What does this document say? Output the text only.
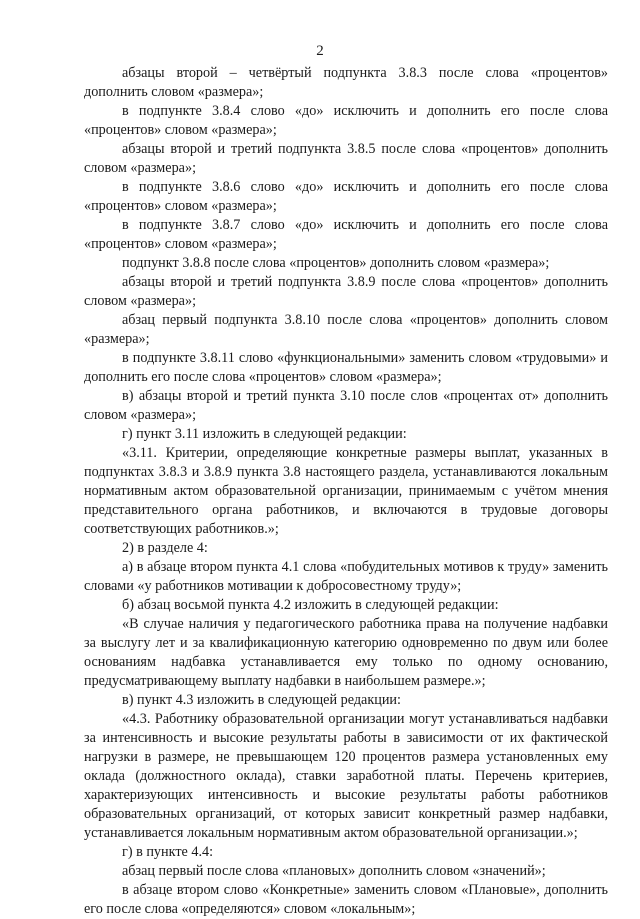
2

абзацы второй – четвёртый подпункта 3.8.3 после слова «процентов» дополнить словом «размера»;

в подпункте 3.8.4 слово «до» исключить и дополнить его после слова «процентов» словом «размера»;

абзацы второй и третий подпункта 3.8.5 после слова «процентов» дополнить словом «размера»;

в подпункте 3.8.6 слово «до» исключить и дополнить его после слова «процентов» словом «размера»;

в подпункте 3.8.7 слово «до» исключить и дополнить его после слова «процентов» словом «размера»;

подпункт 3.8.8 после слова «процентов» дополнить словом «размера»;

абзацы второй и третий подпункта 3.8.9 после слова «процентов» дополнить словом «размера»;

абзац первый подпункта 3.8.10 после слова «процентов» дополнить словом «размера»;

в подпункте 3.8.11 слово «функциональными» заменить словом «трудовыми» и дополнить его после слова «процентов» словом «размера»;

в) абзацы второй и третий пункта 3.10 после слов «процентах от» дополнить словом «размера»;

г) пункт 3.11 изложить в следующей редакции:

«3.11. Критерии, определяющие конкретные размеры выплат, указанных в подпунктах 3.8.3 и 3.8.9 пункта 3.8 настоящего раздела, устанавливаются локальным нормативным актом образовательной организации, принимаемым с учётом мнения представительного органа работников, и включаются в трудовые договоры соответствующих работников.»;

2) в разделе 4:

а) в абзаце втором пункта 4.1 слова «побудительных мотивов к труду» заменить словами «у работников мотивации к добросовестному труду»;

б) абзац восьмой пункта 4.2 изложить в следующей редакции:

«В случае наличия у педагогического работника права на получение надбавки за выслугу лет и за квалификационную категорию одновременно по двум или более основаниям надбавка устанавливается ему только по одному основанию, предусматривающему выплату надбавки в наибольшем размере.»;

в) пункт 4.3 изложить в следующей редакции:

«4.3. Работнику образовательной организации могут устанавливаться надбавки за интенсивность и высокие результаты работы в зависимости от их фактической нагрузки в размере, не превышающем 120 процентов размера установленных ему оклада (должностного оклада), ставки заработной платы. Перечень критериев, характеризующих интенсивность и высокие результаты работы работников образовательных организаций, от которых зависит конкретный размер надбавки, устанавливается локальным нормативным актом образовательной организации.»;

г) в пункте 4.4:

абзац первый после слова «плановых» дополнить словом «значений»;

в абзаце втором слово «Конкретные» заменить словом «Плановые», дополнить его после слова «определяются» словом «локальным»;
